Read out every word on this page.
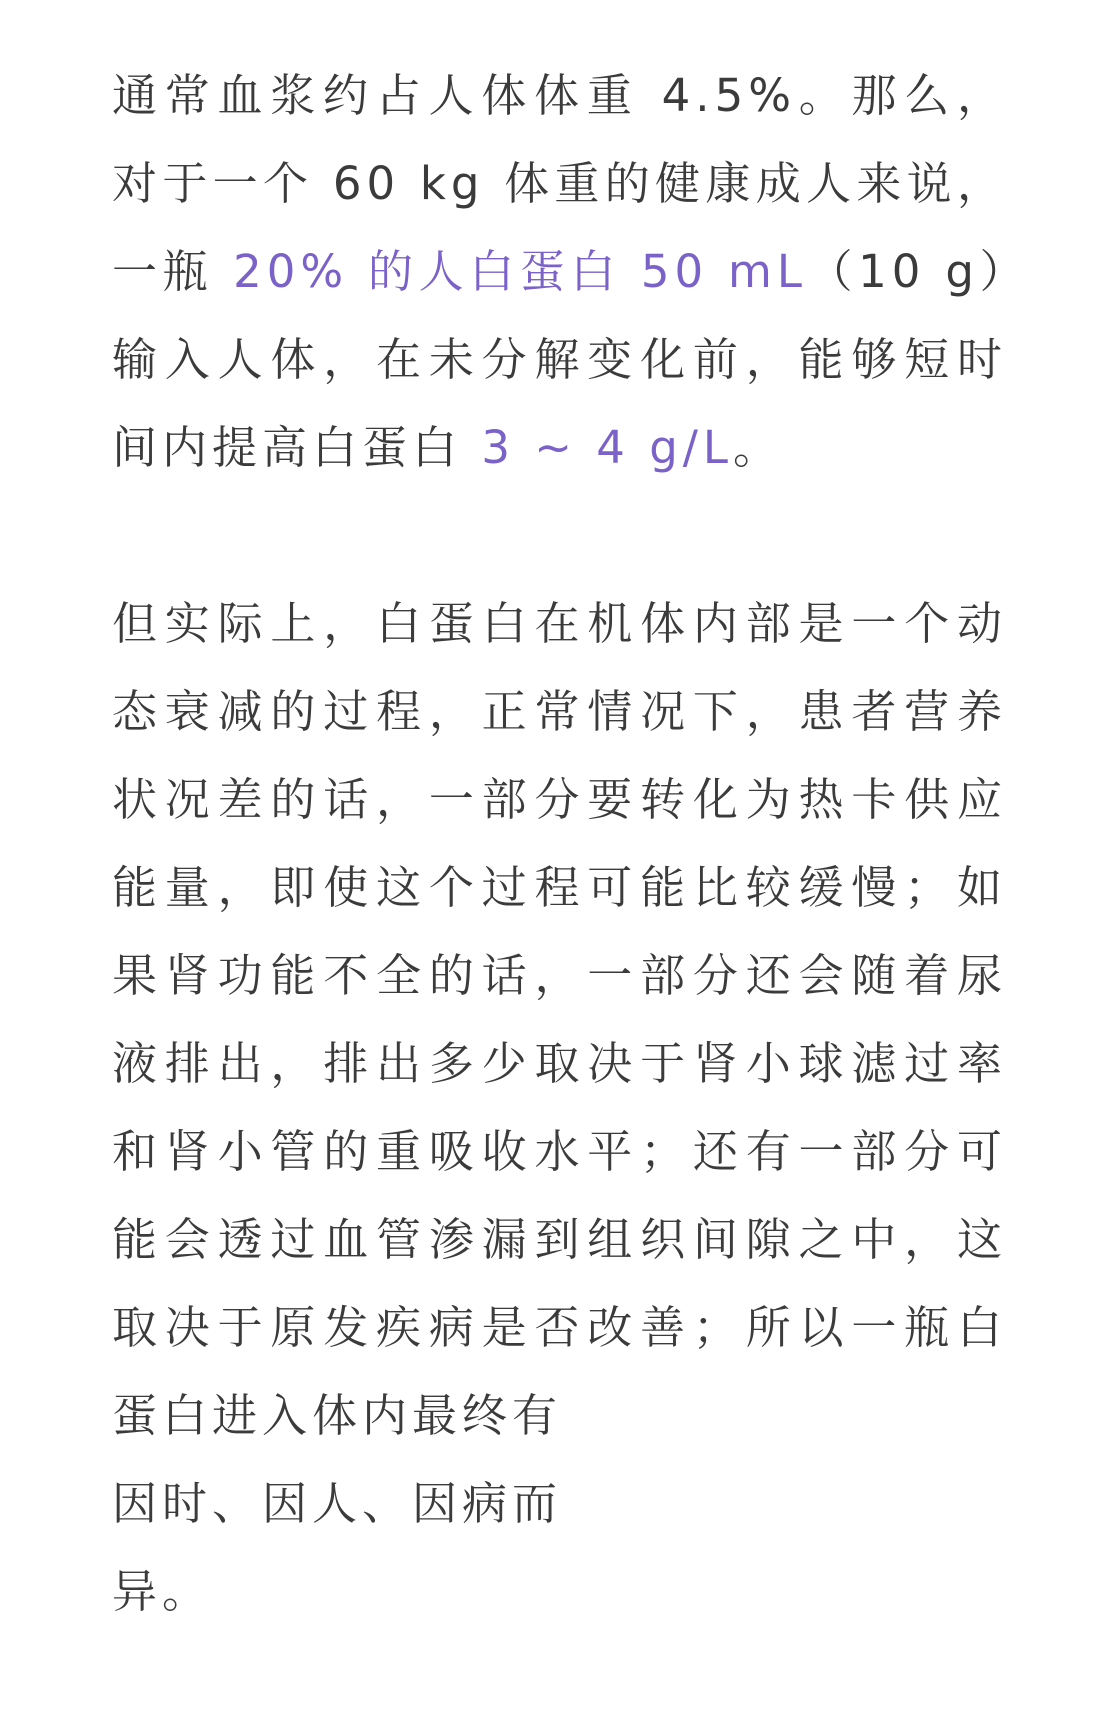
通常血浆约占人体体重 4.5%。那么，对于一个 60 kg 体重的健康成人来说，一瓶 20% 的人白蛋白 50 mL（10 g）输入人体，在未分解变化前，能够短时间内提高白蛋白 3 ~ 4 g/L。

但实际上，白蛋白在机体内部是一个动态衰减的过程，正常情况下，患者营养状况差的话，一部分要转化为热卡供应能量，即使这个过程可能比较缓慢；如果肾功能不全的话，一部分还会随着尿液排出，排出多少取决于肾小球滤过率和肾小管的重吸收水平；还有一部分可能会透过血管渗漏到组织间隙之中，这取决于原发疾病是否改善；所以一瓶白蛋白进入体内最终有
因时、因人、因病而
异。
